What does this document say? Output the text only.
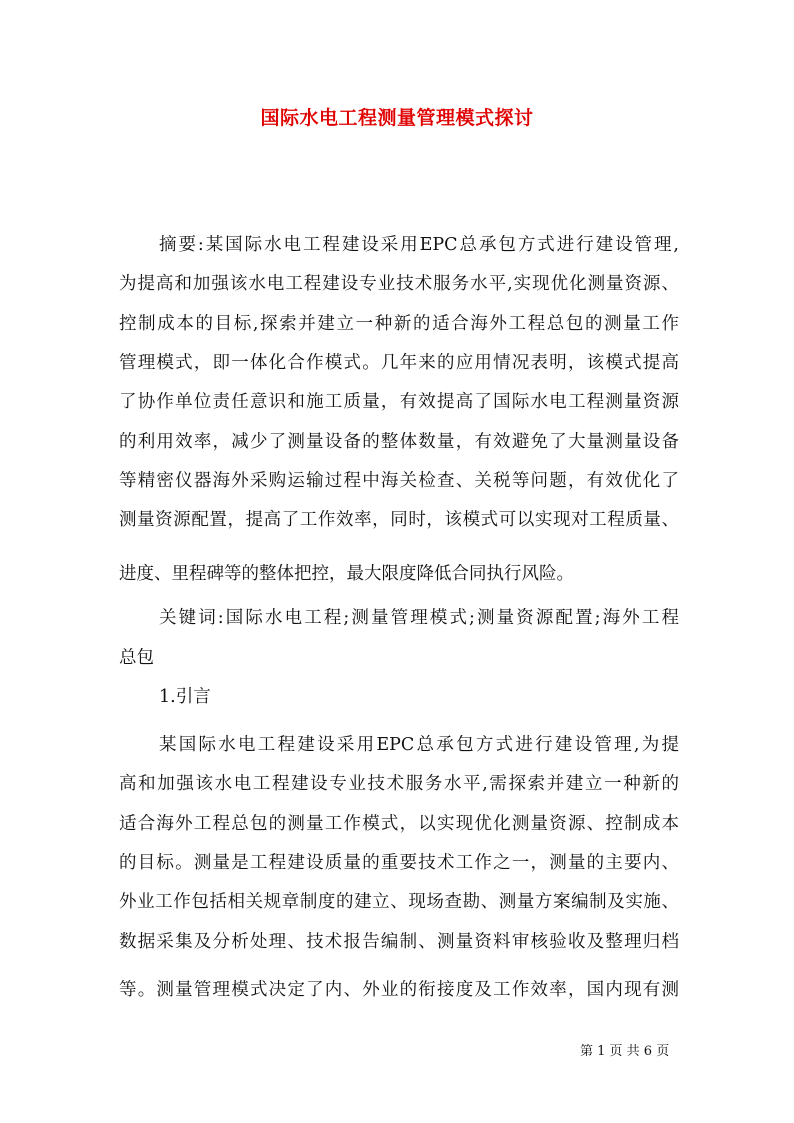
国际水电工程测量管理模式探讨
摘要:某国际水电工程建设采用EPC总承包方式进行建设管理,
为提高和加强该水电工程建设专业技术服务水平,实现优化测量资源、
控制成本的目标,探索并建立一种新的适合海外工程总包的测量工作
管理模式，即一体化合作模式。几年来的应用情况表明，该模式提高
了协作单位责任意识和施工质量，有效提高了国际水电工程测量资源
的利用效率，减少了测量设备的整体数量，有效避免了大量测量设备
等精密仪器海外采购运输过程中海关检查、关税等问题，有效优化了
测量资源配置，提高了工作效率，同时，该模式可以实现对工程质量、
进度、里程碑等的整体把控，最大限度降低合同执行风险。
关键词:国际水电工程;测量管理模式;测量资源配置;海外工程
总包
1.引言
某国际水电工程建设采用EPC总承包方式进行建设管理,为提
高和加强该水电工程建设专业技术服务水平,需探索并建立一种新的
适合海外工程总包的测量工作模式，以实现优化测量资源、控制成本
的目标。测量是工程建设质量的重要技术工作之一，测量的主要内、
外业工作包括相关规章制度的建立、现场查勘、测量方案编制及实施、
数据采集及分析处理、技术报告编制、测量资料审核验收及整理归档
等。测量管理模式决定了内、外业的衔接度及工作效率，国内现有测
第 1 页 共 6 页
